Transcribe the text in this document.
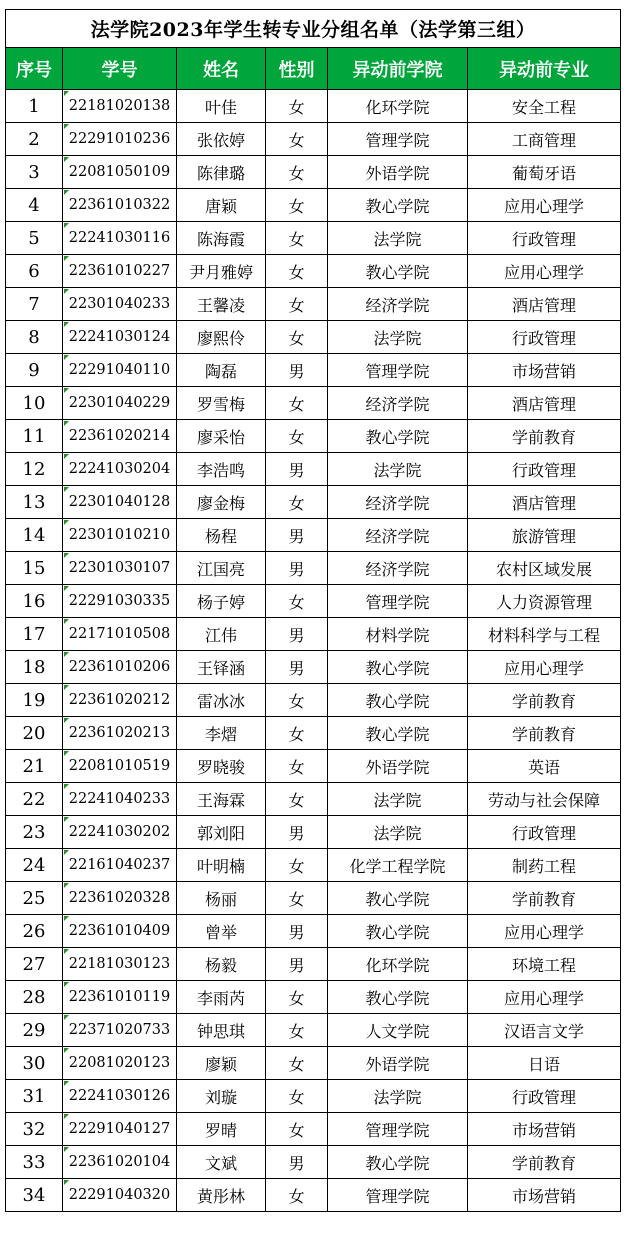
法学院2023年学生转专业分组名单（法学第三组）					
序号	学号	姓名	性别	异动前学院	异动前专业
1	22181020138	叶佳	女	化环学院	安全工程
2	22291010236	张依婷	女	管理学院	工商管理
3	22081050109	陈律璐	女	外语学院	葡萄牙语
4	22361010322	唐颖	女	教心学院	应用心理学
5	22241030116	陈海霞	女	法学院	行政管理
6	22361010227	尹月雅婷	女	教心学院	应用心理学
7	22301040233	王馨凌	女	经济学院	酒店管理
8	22241030124	廖熙伶	女	法学院	行政管理
9	22291040110	陶磊	男	管理学院	市场营销
10	22301040229	罗雪梅	女	经济学院	酒店管理
11	22361020214	廖采怡	女	教心学院	学前教育
12	22241030204	李浩鸣	男	法学院	行政管理
13	22301040128	廖金梅	女	经济学院	酒店管理
14	22301010210	杨程	男	经济学院	旅游管理
15	22301030107	江国亮	男	经济学院	农村区域发展
16	22291030335	杨子婷	女	管理学院	人力资源管理
17	22171010508	江伟	男	材料学院	材料科学与工程
18	22361010206	王铎涵	男	教心学院	应用心理学
19	22361020212	雷冰冰	女	教心学院	学前教育
20	22361020213	李熠	女	教心学院	学前教育
21	22081010519	罗晓骏	女	外语学院	英语
22	22241040233	王海霖	女	法学院	劳动与社会保障
23	22241030202	郭刘阳	男	法学院	行政管理
24	22161040237	叶明楠	女	化学工程学院	制药工程
25	22361020328	杨丽	女	教心学院	学前教育
26	22361010409	曾举	男	教心学院	应用心理学
27	22181030123	杨毅	男	化环学院	环境工程
28	22361010119	李雨芮	女	教心学院	应用心理学
29	22371020733	钟思琪	女	人文学院	汉语言文学
30	22081020123	廖颖	女	外语学院	日语
31	22241030126	刘璇	女	法学院	行政管理
32	22291040127	罗晴	女	管理学院	市场营销
33	22361020104	文斌	男	教心学院	学前教育
34	22291040320	黄彤林	女	管理学院	市场营销
